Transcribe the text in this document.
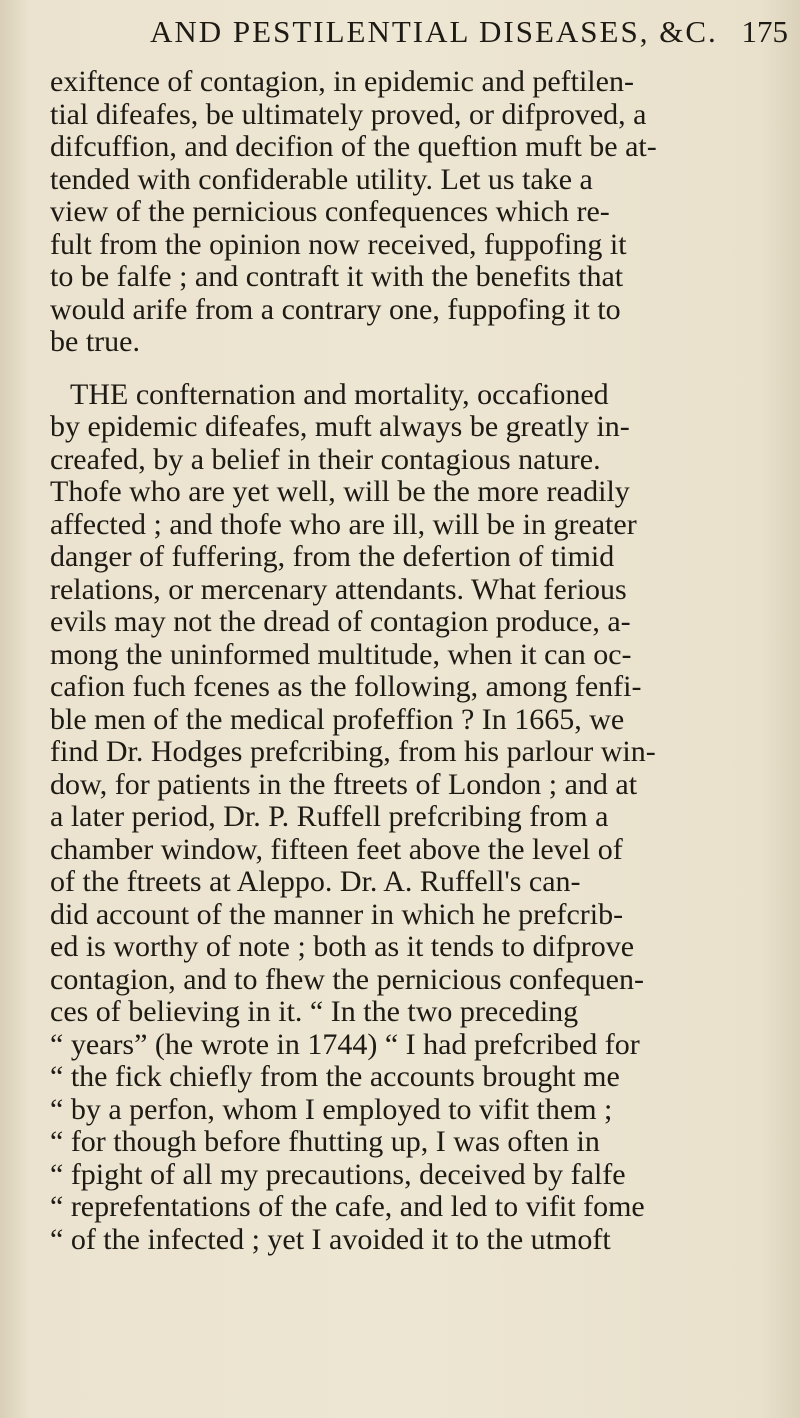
AND PESTILENTIAL DISEASES, &C. 175
exiftence of contagion, in epidemic and peftilen-
tial difeafes, be ultimately proved, or difproved, a
difcuffion, and decifion of the queftion muft be at-
tended with confiderable utility. Let us take a
view of the pernicious confequences which re-
fult from the opinion now received, fuppofing it
to be falfe ; and contraft it with the benefits that
would arife from a contrary one, fuppofing it to
be true.
THE confternation and mortality, occafioned
by epidemic difeafes, muft always be greatly in-
creafed, by a belief in their contagious nature.
Thofe who are yet well, will be the more readily
affected ; and thofe who are ill, will be in greater
danger of fuffering, from the defertion of timid
relations, or mercenary attendants. What ferious
evils may not the dread of contagion produce, a-
mong the uninformed multitude, when it can oc-
cafion fuch fcenes as the following, among fenfi-
ble men of the medical profeffion ? In 1665, we
find Dr. Hodges prefcribing, from his parlour win-
dow, for patients in the ftreets of London ; and at
a later period, Dr. P. Ruffell prefcribing from a
chamber window, fifteen feet above the level of
of the ftreets at Aleppo. Dr. A. Ruffell's can-
did account of the manner in which he prefcrib-
ed is worthy of note ; both as it tends to difprove
contagion, and to fhew the pernicious confequen-
ces of believing in it. “ In the two preceding
“ years” (he wrote in 1744) “ I had prefcribed for
“ the fick chiefly from the accounts brought me
“ by a perfon, whom I employed to vifit them ;
“ for though before fhutting up, I was often in
“ fpight of all my precautions, deceived by falfe
“ reprefentations of the cafe, and led to vifit fome
“ of the infected ; yet I avoided it to the utmoft
